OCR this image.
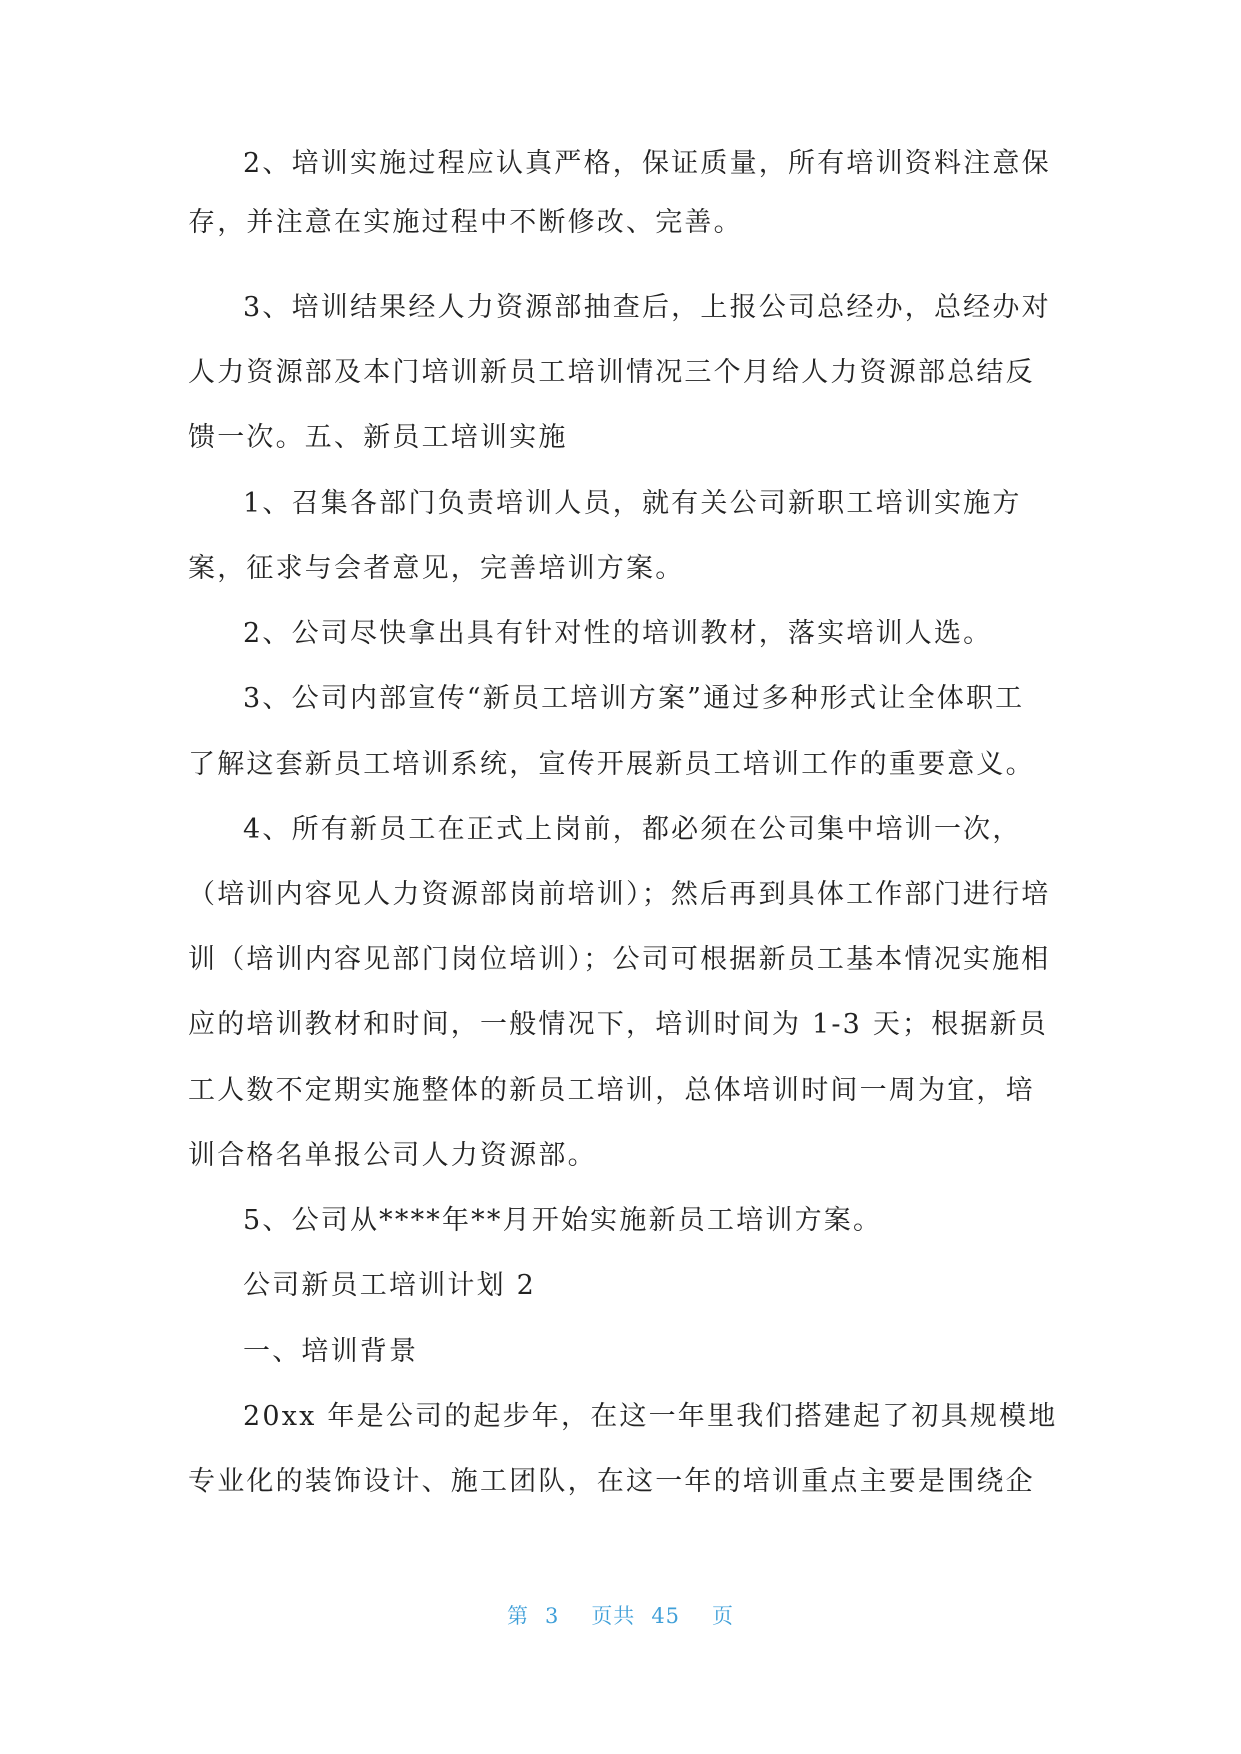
2、培训实施过程应认真严格，保证质量，所有培训资料注意保
存，并注意在实施过程中不断修改、完善。
3、培训结果经人力资源部抽查后，上报公司总经办，总经办对
人力资源部及本门培训新员工培训情况三个月给人力资源部总结反
馈一次。五、新员工培训实施
1、召集各部门负责培训人员，就有关公司新职工培训实施方
案，征求与会者意见，完善培训方案。
2、公司尽快拿出具有针对性的培训教材，落实培训人选。
3、公司内部宣传“新员工培训方案”通过多种形式让全体职工
了解这套新员工培训系统，宣传开展新员工培训工作的重要意义。
4、所有新员工在正式上岗前，都必须在公司集中培训一次，
（培训内容见人力资源部岗前培训）；然后再到具体工作部门进行培
训（培训内容见部门岗位培训）；公司可根据新员工基本情况实施相
应的培训教材和时间，一般情况下，培训时间为 1-3 天；根据新员
工人数不定期实施整体的新员工培训，总体培训时间一周为宜，培
训合格名单报公司人力资源部。
5、公司从****年**月开始实施新员工培训方案。
公司新员工培训计划 2
一、培训背景
20xx 年是公司的起步年，在这一年里我们搭建起了初具规模地
专业化的装饰设计、施工团队，在这一年的培训重点主要是围绕企
第 3 页共 45 页
